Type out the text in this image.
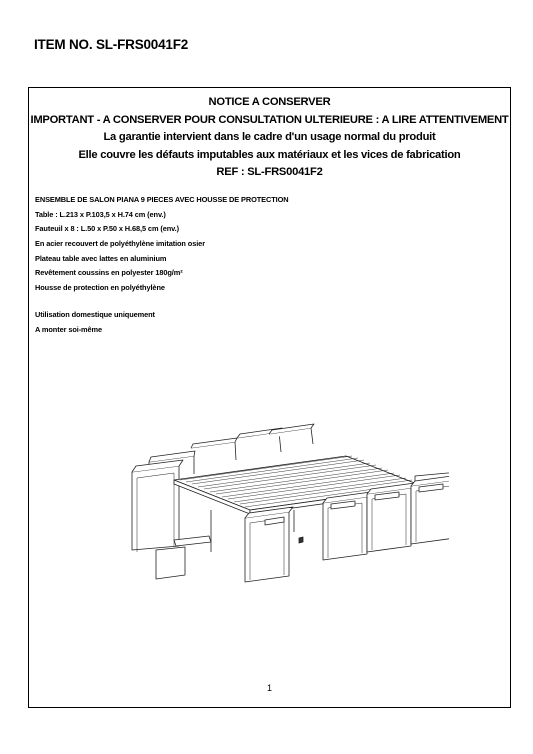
ITEM NO. SL-FRS0041F2
NOTICE A CONSERVER
IMPORTANT - A CONSERVER POUR CONSULTATION ULTERIEURE : A LIRE ATTENTIVEMENT
La garantie intervient dans le cadre d'un usage normal du produit
Elle couvre les défauts imputables aux matériaux et les vices de fabrication
REF : SL-FRS0041F2
ENSEMBLE DE SALON PIANA 9 PIECES AVEC HOUSSE DE PROTECTION
Table : L.213 x P.103,5 x H.74 cm (env.)
Fauteuil x 8 : L.50 x P.50 x H.68,5 cm (env.)
En acier recouvert de polyéthylène imitation osier
Plateau table avec lattes en aluminium
Revêtement coussins en polyester 180g/m²
Housse de protection en polyéthylène
Utilisation domestique uniquement
A monter soi-même
1
